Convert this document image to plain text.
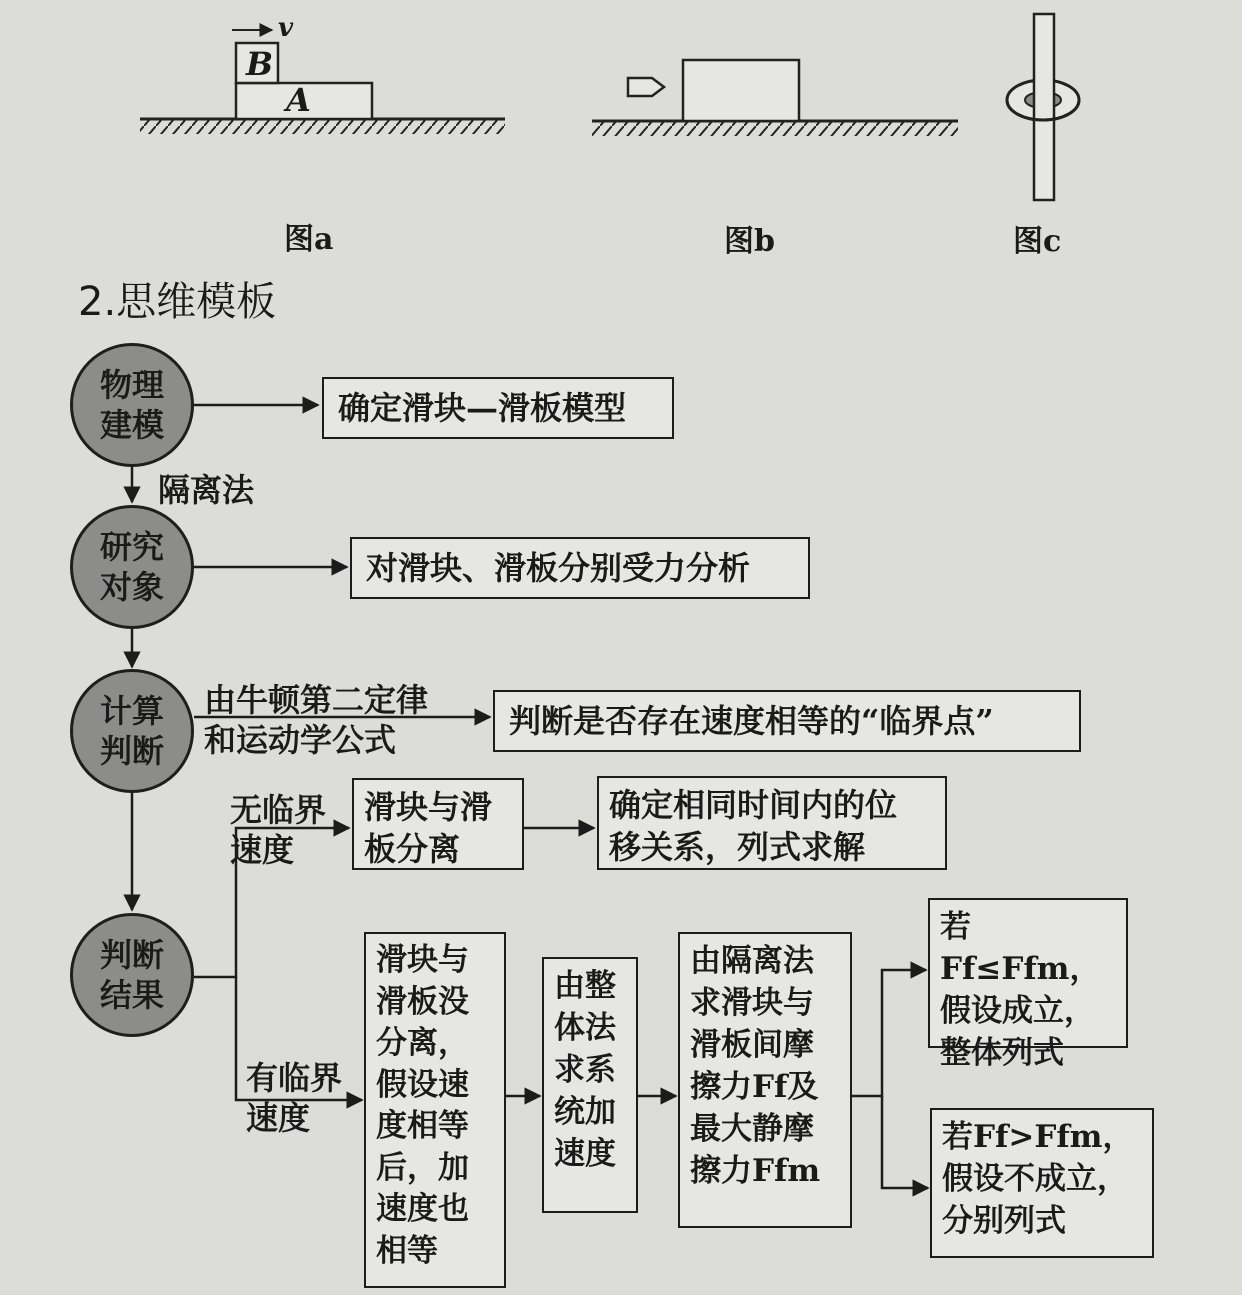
B
A
v
图a	图b	图c
2.思维模板
物理
建模
研究
对象
计算
判断
判断
结果
隔离法
由牛顿第二定律
和运动学公式
无临界
速度
有临界
速度
确定滑块—滑板模型
对滑块、滑板分别受力分析
判断是否存在速度相等的“临界点”
滑块与滑
板分离
确定相同时间内的位
移关系，列式求解
滑块与
滑板没
分离，
假设速
度相等
后，加
速度也
相等
由整
体法
求系
统加
速度
由隔离法
求滑块与
滑板间摩
擦力Ff及
最大静摩
擦力Ffm
若Ff≤Ffm，
假设成立，
整体列式
若Ff>Ffm，
假设不成立，
分别列式
